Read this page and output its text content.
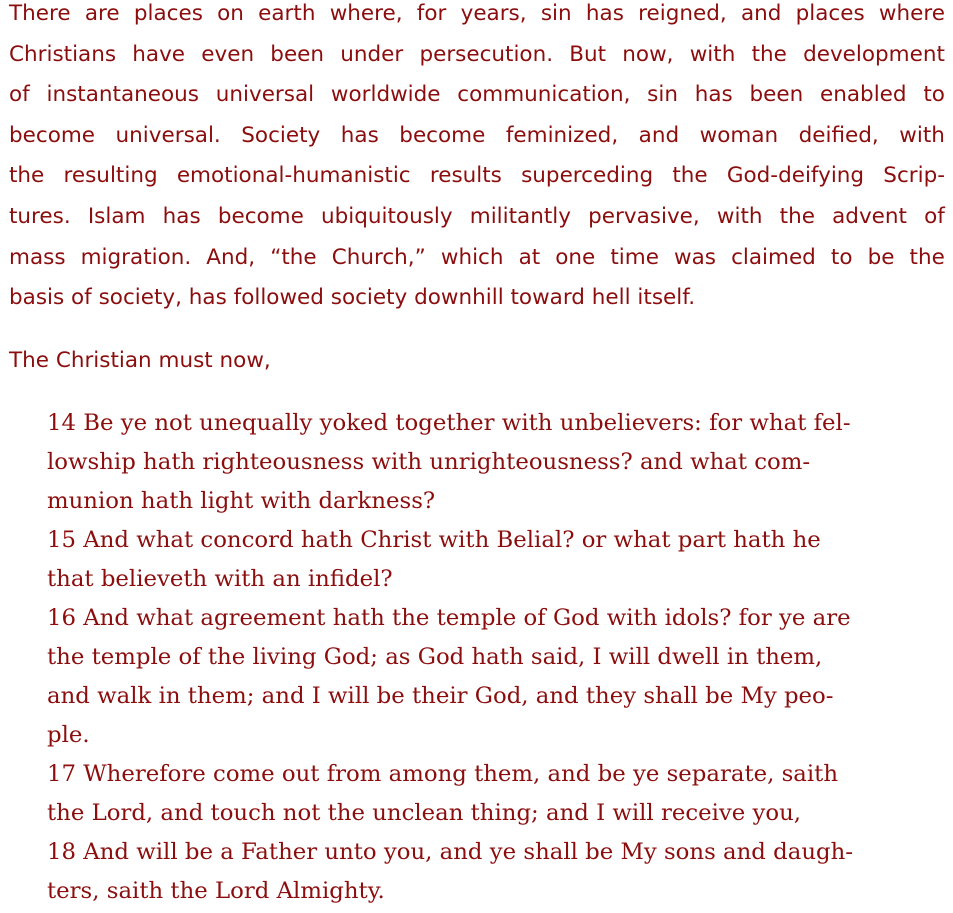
There are places on earth where, for years, sin has reigned, and places where
Christians have even been under persecution. But now, with the development
of instantaneous universal worldwide communication, sin has been enabled to
become universal. Society has become feminized, and woman deified, with
the resulting emotional-humanistic results superceding the God-deifying Scrip-
tures. Islam has become ubiquitously militantly pervasive, with the advent of
mass migration. And, “the Church,” which at one time was claimed to be the
basis of society, has followed society downhill toward hell itself.
The Christian must now,
14 Be ye not unequally yoked together with unbelievers: for what fel-
lowship hath righteousness with unrighteousness? and what com-
munion hath light with darkness?
15 And what concord hath Christ with Belial? or what part hath he
that believeth with an infidel?
16 And what agreement hath the temple of God with idols? for ye are
the temple of the living God; as God hath said, I will dwell in them,
and walk in them; and I will be their God, and they shall be My peo-
ple.
17 Wherefore come out from among them, and be ye separate, saith
the Lord, and touch not the unclean thing; and I will receive you,
18 And will be a Father unto you, and ye shall be My sons and daugh-
ters, saith the Lord Almighty.
